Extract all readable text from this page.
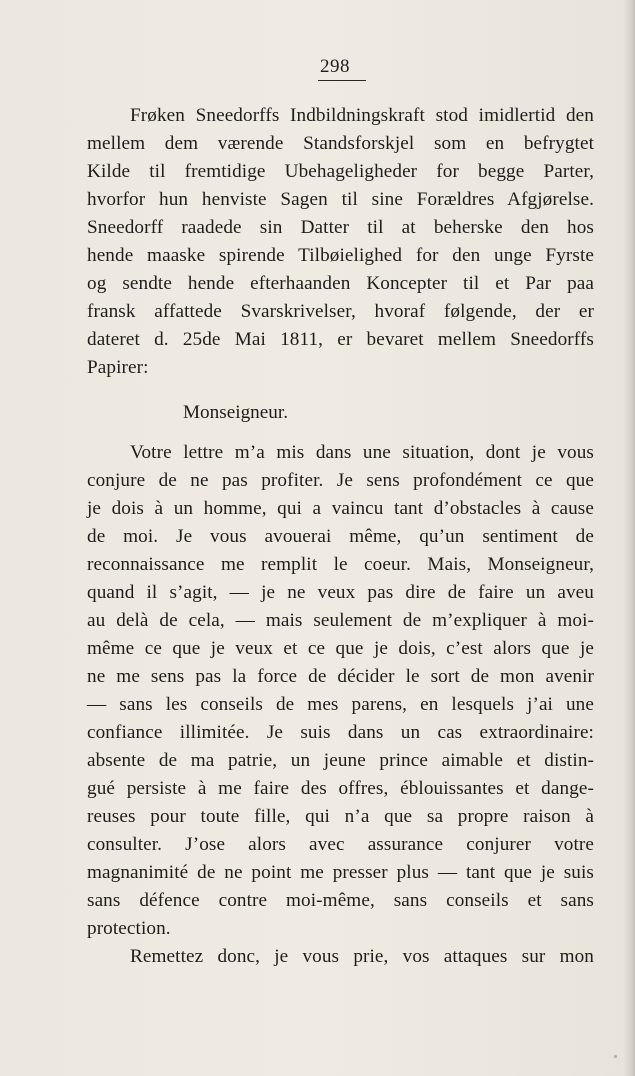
298
Frøken Sneedorffs Indbildningskraft stod imidlertid den
mellem dem værende Standsforskjel som en befrygtet
Kilde til fremtidige Ubehageligheder for begge Parter,
hvorfor hun henviste Sagen til sine Forældres Afgjørelse.
Sneedorff raadede sin Datter til at beherske den hos
hende maaske spirende Tilbøielighed for den unge Fyrste
og sendte hende efterhaanden Koncepter til et Par paa
fransk affattede Svarskrivelser, hvoraf følgende, der er
dateret d. 25de Mai 1811, er bevaret mellem Sneedorffs
Papirer:
Monseigneur.
Votre lettre m’a mis dans une situation, dont je vous
conjure de ne pas profiter. Je sens profondément ce que
je dois à un homme, qui a vaincu tant d’obstacles à cause
de moi. Je vous avouerai même, qu’un sentiment de
reconnaissance me remplit le coeur. Mais, Monseigneur,
quand il s’agit, — je ne veux pas dire de faire un aveu
au delà de cela, — mais seulement de m’expliquer à moi-
même ce que je veux et ce que je dois, c’est alors que je
ne me sens pas la force de décider le sort de mon avenir
— sans les conseils de mes parens, en lesquels j’ai une
confiance illimitée. Je suis dans un cas extraordinaire:
absente de ma patrie, un jeune prince aimable et distin-
gué persiste à me faire des offres, éblouissantes et dange-
reuses pour toute fille, qui n’a que sa propre raison à
consulter. J’ose alors avec assurance conjurer votre
magnanimité de ne point me presser plus — tant que je suis
sans défence contre moi-même, sans conseils et sans
protection.
Remettez donc, je vous prie, vos attaques sur mon
